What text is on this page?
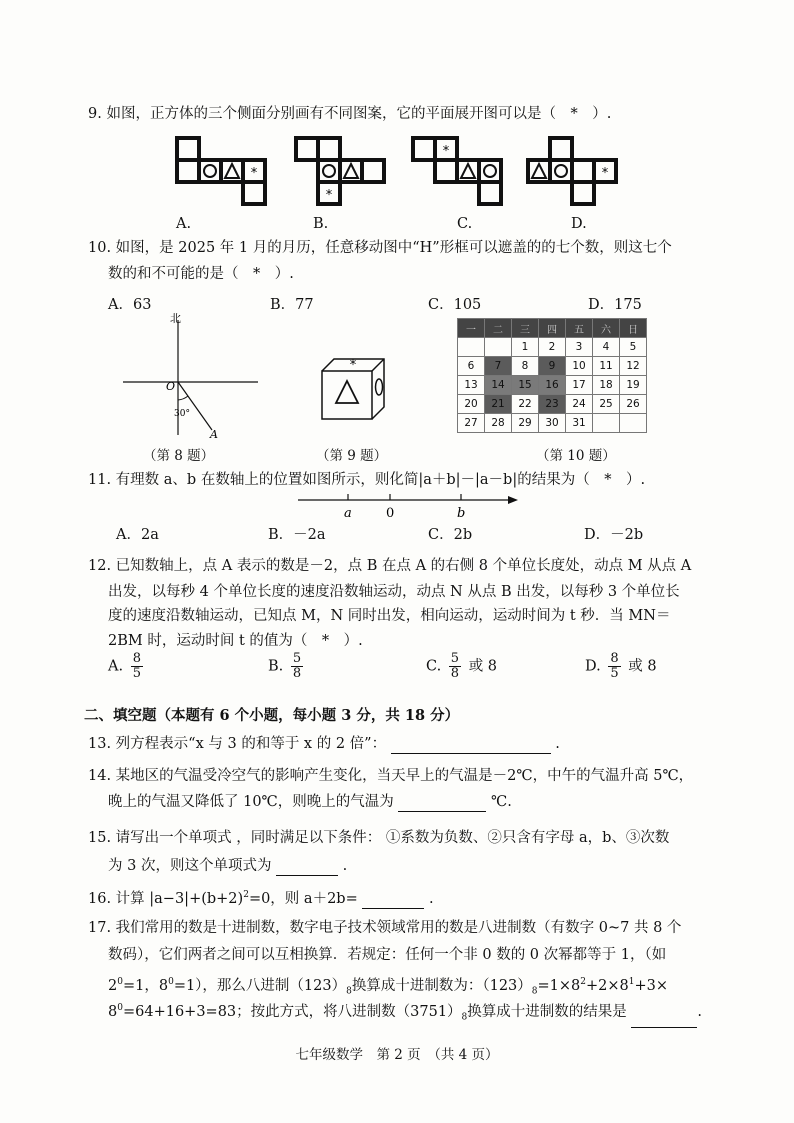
9. 如图，正方体的三个侧面分别画有不同图案，它的平面展开图可以是（　*　）.
*
*
*
*
A.	B.	C.	D.
10. 如图，是 2025 年 1 月的月历，任意移动图中“H”形框可以遮盖的的七个数，则这七个
数的和不可能的是（　*　）.
A．63	B．77	C．105	D．175
北
O
30°
A
（第 8 题）
*
（第 9 题）
一	二	三	四	五	六	日
		1	2	3	4	5
6	7	8	9	10	11	12
13	14	15	16	17	18	19
20	21	22	23	24	25	26
27	28	29	30	31		
（第 10 题）
11. 有理数 a、b 在数轴上的位置如图所示，则化简|a＋b|－|a－b|的结果为（　*　）.
a	0	b
A．2a	B．－2a	C．2b	D．－2b
12. 已知数轴上，点 A 表示的数是－2，点 B 在点 A 的右侧 8 个单位长度处，动点 M 从点 A
出发，以每秒 4 个单位长度的速度沿数轴运动，动点 N 从点 B 出发，以每秒 3 个单位长
度的速度沿数轴运动，已知点 M，N 同时出发，相向运动，运动时间为 t 秒．当 MN＝
2BM 时，运动时间 t 的值为（　*　）.
A. $\frac{8}{5}$	B. $\frac{5}{8}$	C. $\frac{5}{8}$ 或 8	D. $\frac{8}{5}$ 或 8
二、填空题（本题有 6 个小题，每小题 3 分，共 18 分）
13. 列方程表示“x 与 3 的和等于 x 的 2 倍”：	.
14. 某地区的气温受冷空气的影响产生变化，当天早上的气温是－2℃，中午的气温升高 5℃，
晚上的气温又降低了 10℃，则晚上的气温为	℃.
15. 请写出一个单项式 ，同时满足以下条件： ①系数为负数、②只含有字母 a，b、③次数
为 3 次，则这个单项式为	.
16. 计算 $|a-3|+(b+2)^2=0$，则 a＋2b=	.
17. 我们常用的数是十进制数，数字电子技术领域常用的数是八进制数（有数字 0~7 共 8 个
数码），它们两者之间可以互相换算．若规定：任何一个非 0 数的 0 次幂都等于 1，（如
$2^0=1$，$8^0=1$），那么八进制$(123)_8$换算成十进制数为：$(123)_8=1\times 8^2+2\times 8^1+3\times$
$8^0=64+16+3=83$；按此方式，将八进制数$(3751)_8$换算成十进制数的结果是	.
七年级数学　第 2 页　（共 4 页）
